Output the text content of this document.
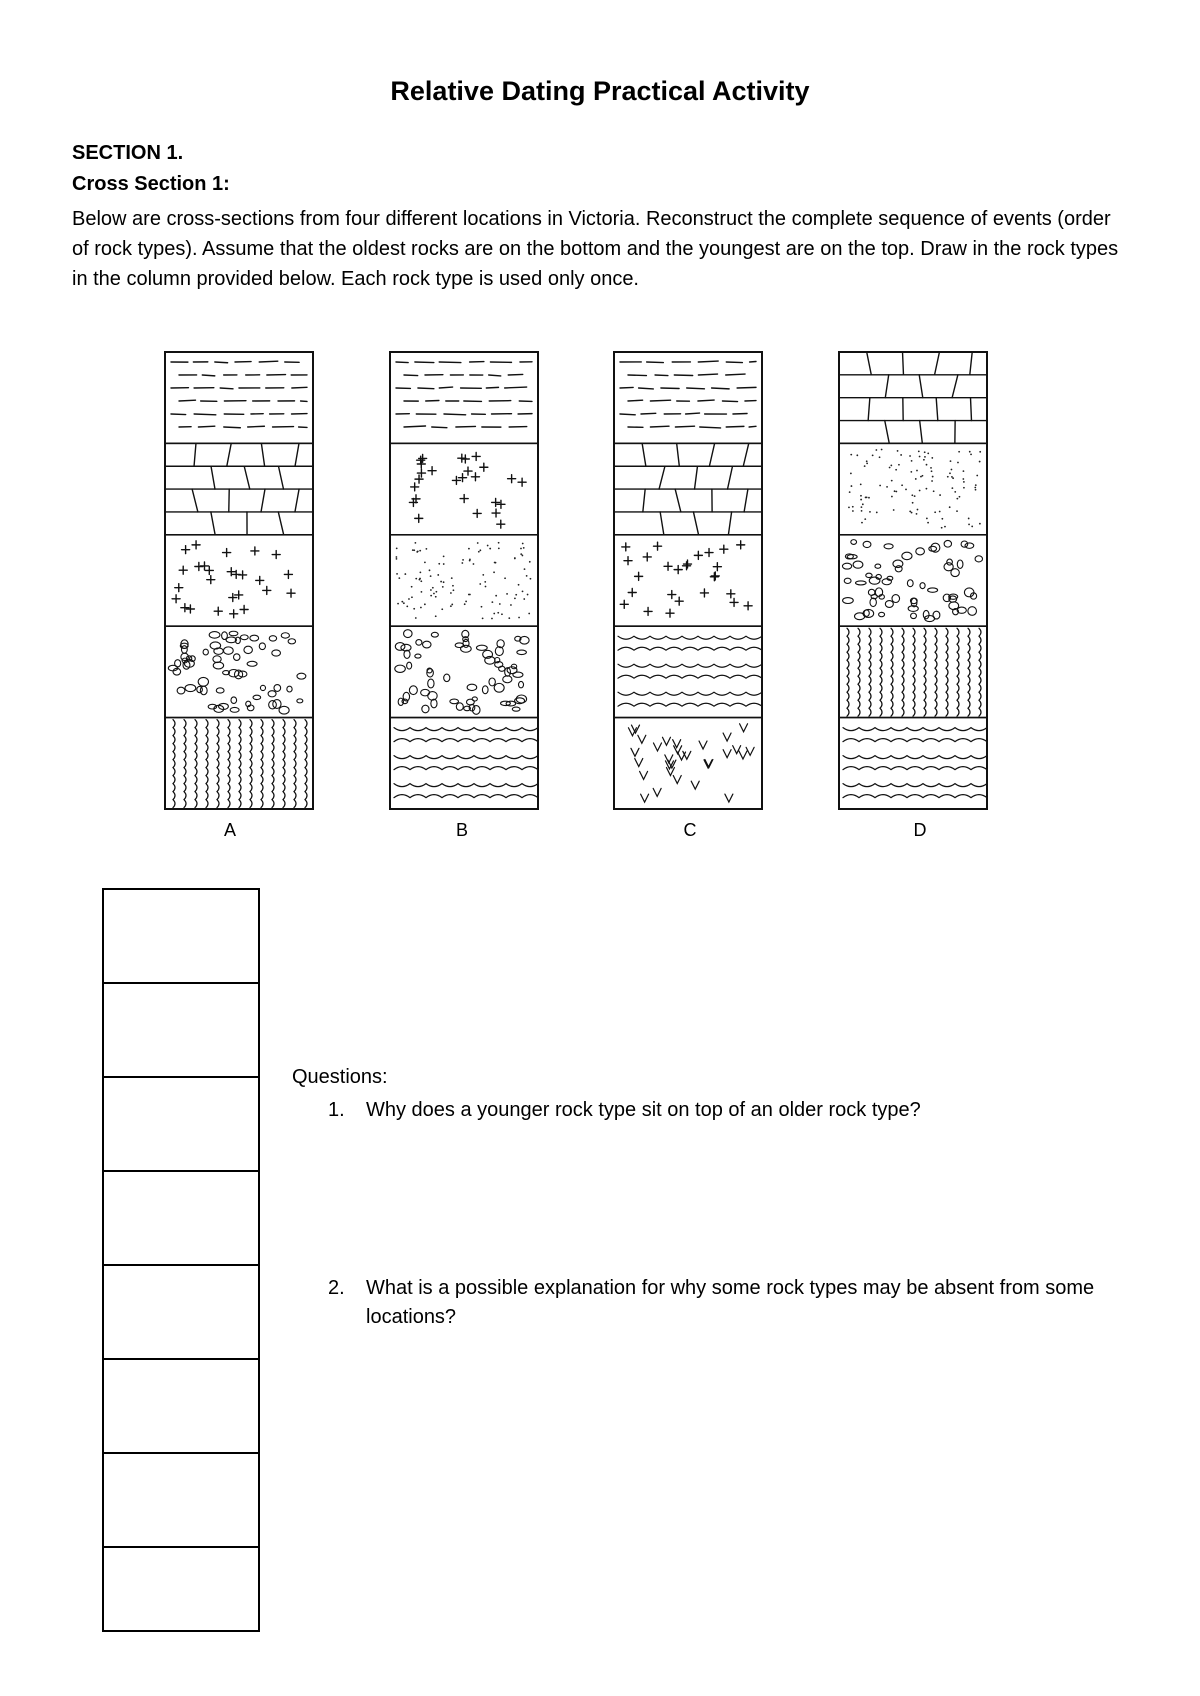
Relative Dating Practical Activity
SECTION 1.
Cross Section 1:

Below are cross-sections from four different locations in Victoria. Reconstruct the complete sequence of events (order of rock types). Assume that the oldest rocks are on the bottom and the youngest are on the top. Draw in the rock types in the column provided below. Each rock type is used only once.

A	B	C	D
Questions:
1. Why does a younger rock type sit on top of an older rock type?
2. What is a possible explanation for why some rock types may be absent from some locations?
